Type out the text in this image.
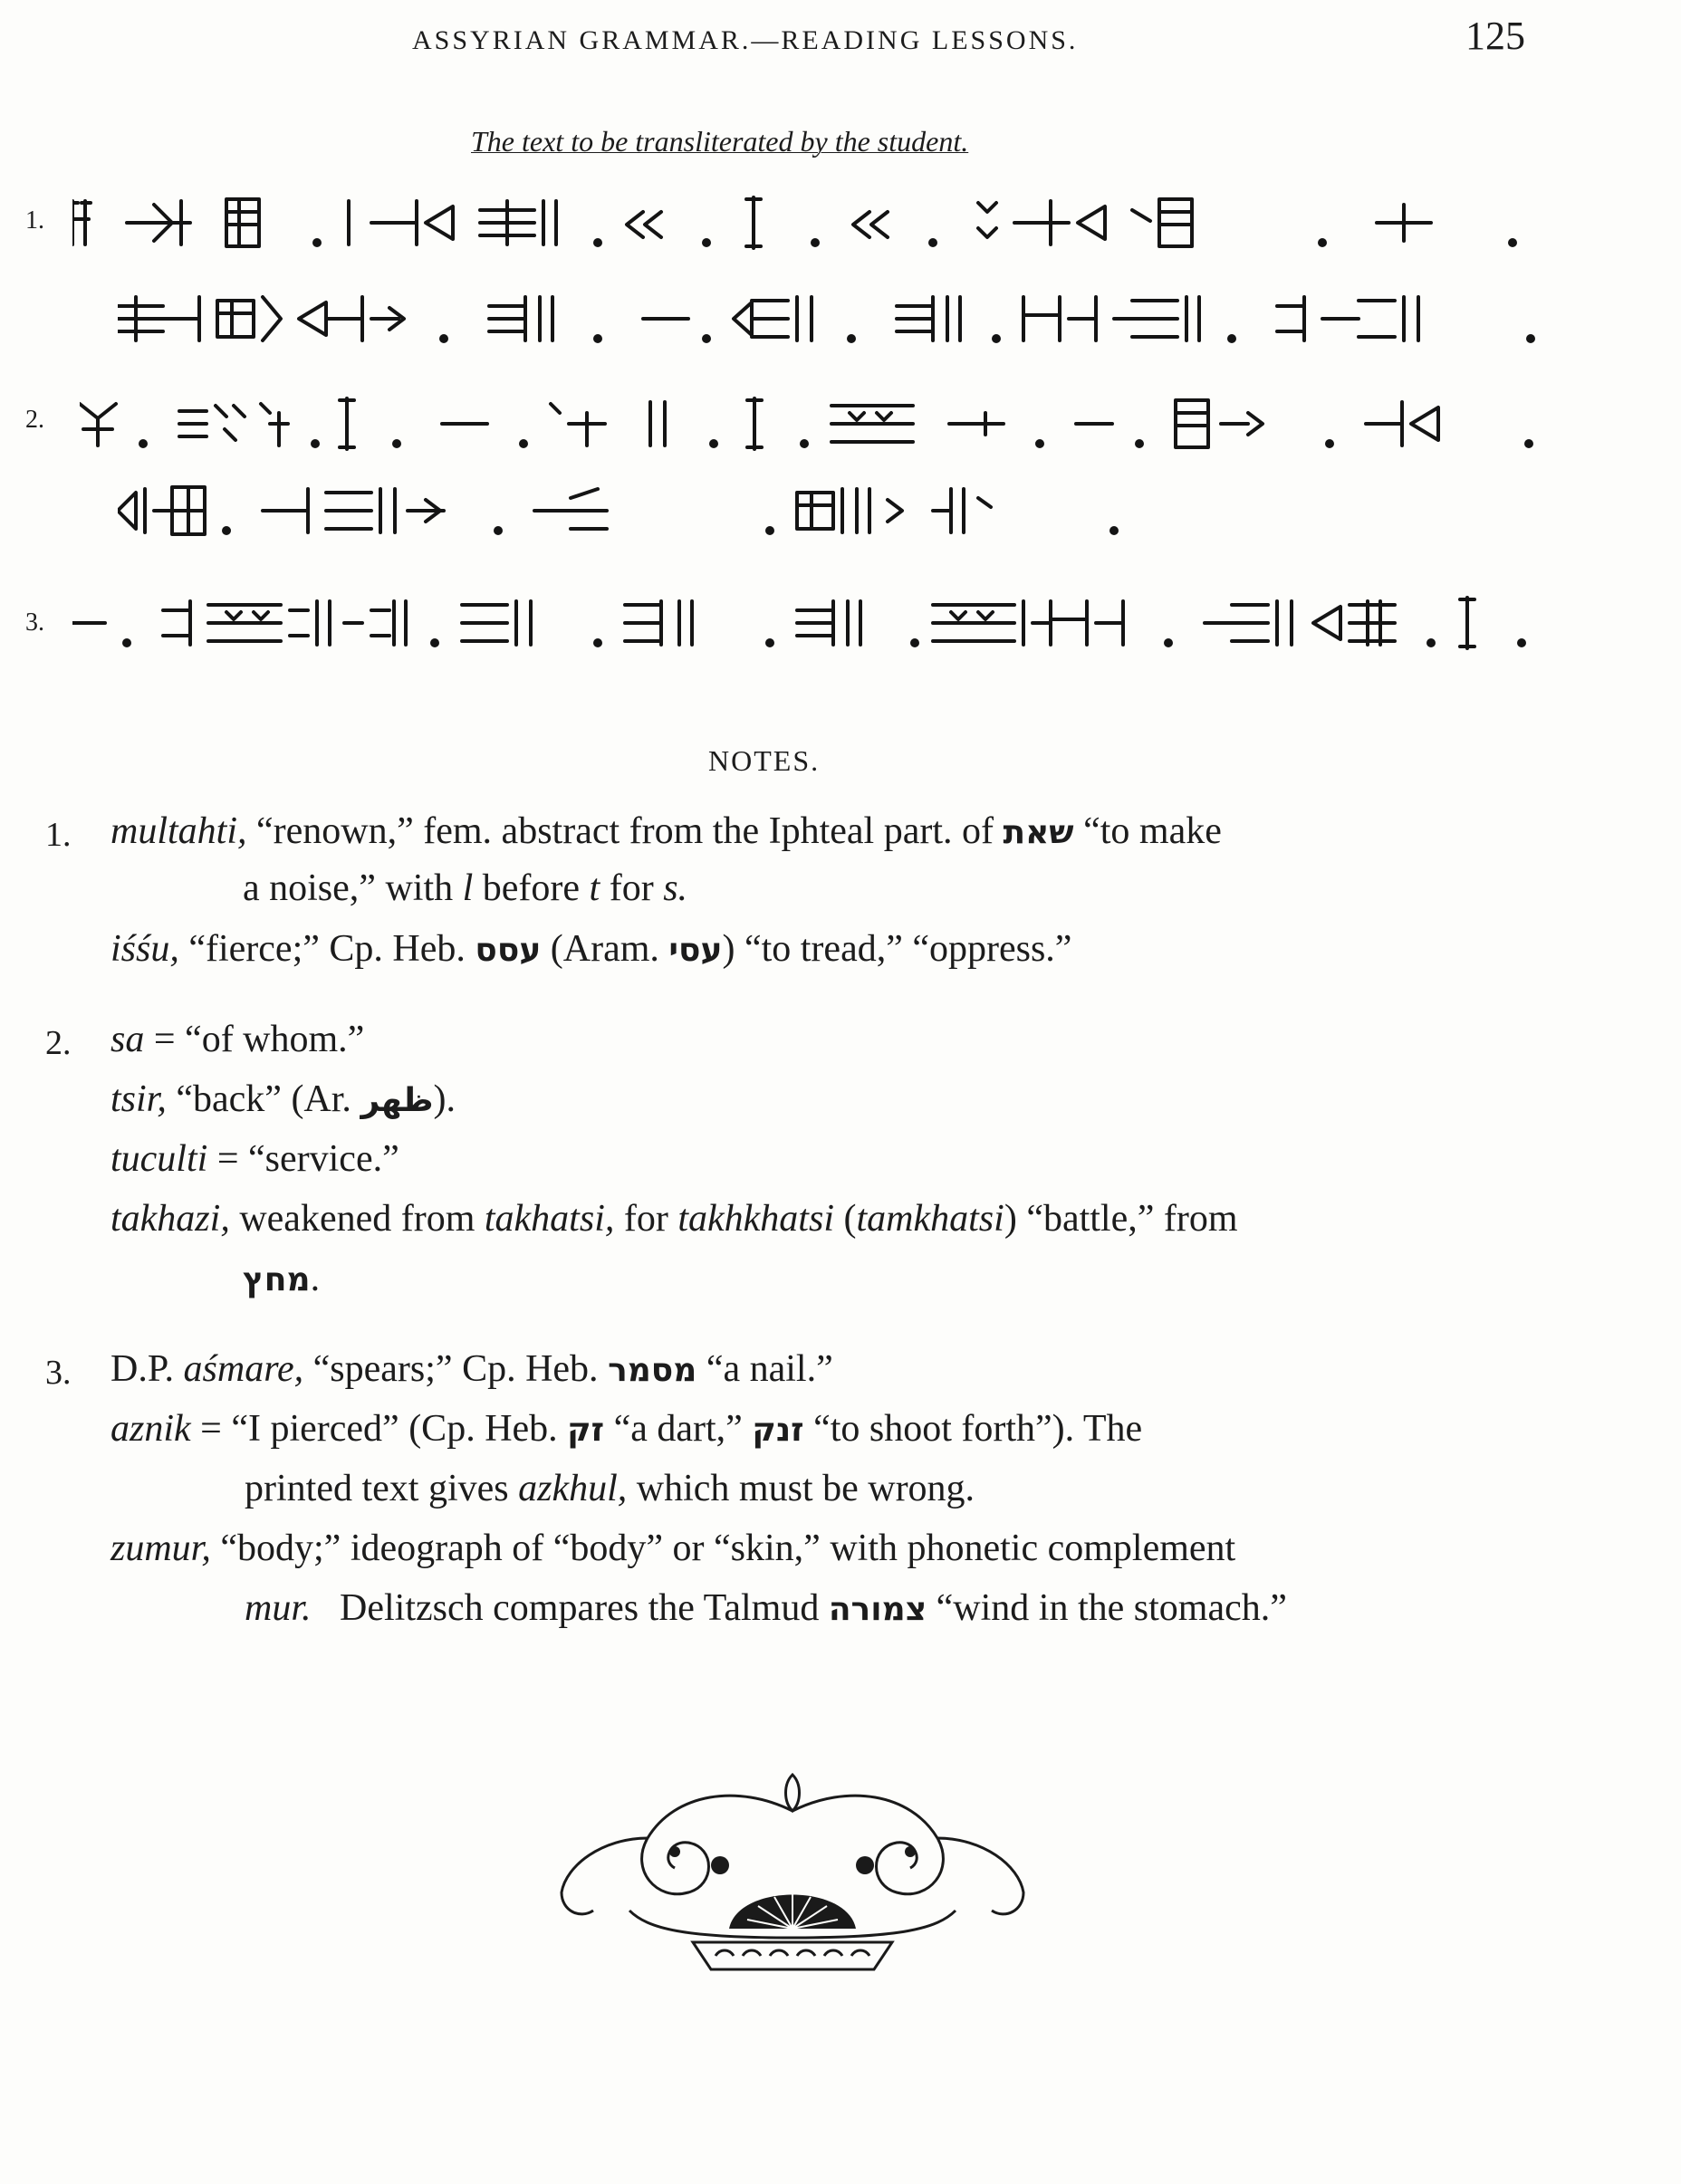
ASSYRIAN GRAMMAR.—READING LESSONS.	125
The text to be transliterated by the student.
1.
2.
3.
NOTES.
1. multahti, “renown,” fem. abstract from the Iphteal part. of שאת “to make
a noise,” with l before t for s.
iśśu, “fierce;” Cp. Heb. עסס (Aram. עסי) “to tread,” “oppress.”
2. sa = “of whom.”
tsir, “back” (Ar. ظهر).
tuculti = “service.”
takhazi, weakened from takhatsi, for takhkhatsi (tamkhatsi) “battle,” from
מחץ.
3. D.P. aśmare, “spears;” Cp. Heb. מסמר “a nail.”
aznik = “I pierced” (Cp. Heb. זק “a dart,” זנק “to shoot forth”). The
printed text gives azkhul, which must be wrong.
zumur, “body;” ideograph of “body” or “skin,” with phonetic complement
mur.   Delitzsch compares the Talmud צמורה “wind in the stomach.”
